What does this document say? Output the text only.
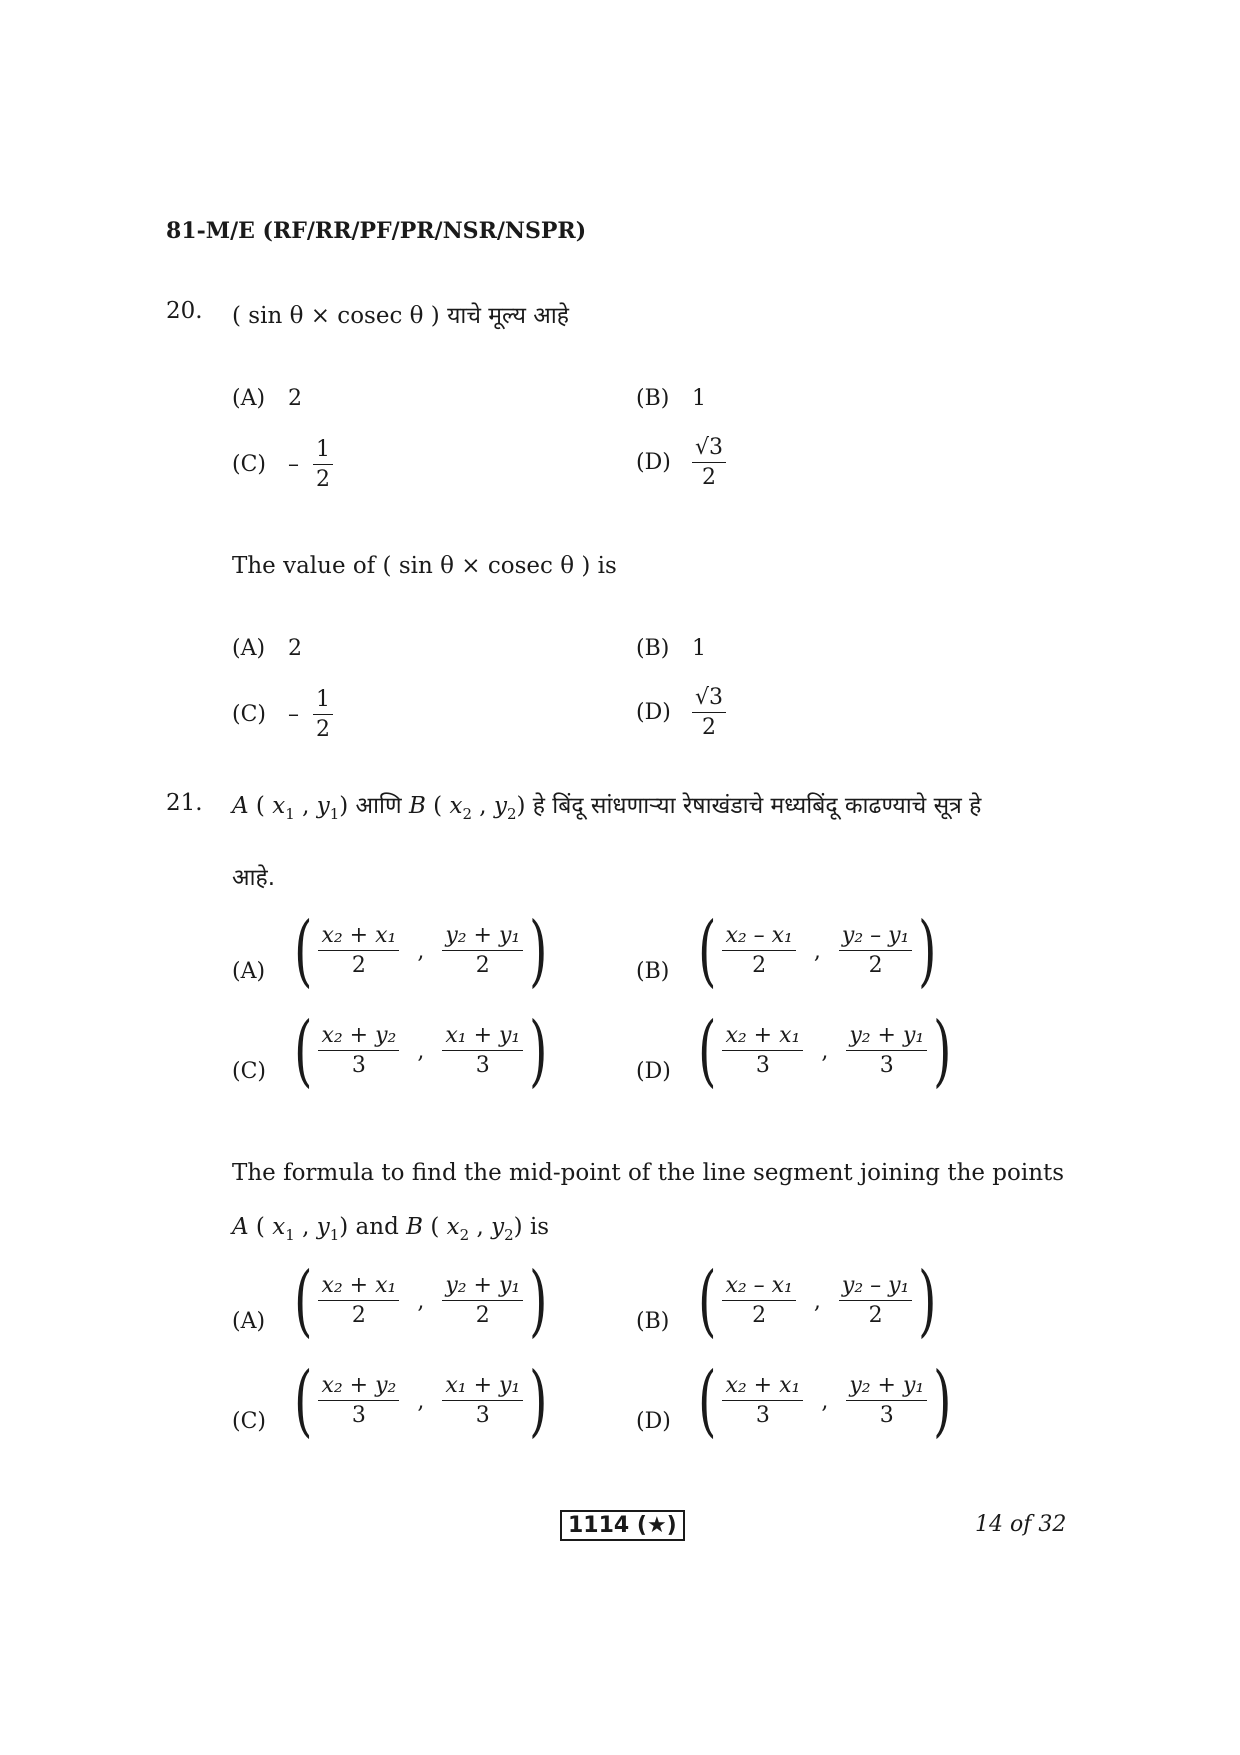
81-M/E (RF/RR/PF/PR/NSR/NSPR)
20. ( sin θ × cosec θ ) याचे मूल्य आहे
(A) 2	(B) 1
$(C) - \frac{1}{2}$	$(D) \frac{√3}{2}$
The value of ( sin θ × cosec θ ) is
(A) 2	(B) 1
$(C) - \frac{1}{2}$	$(D) \frac{√3}{2}$
21. A ( $x_1$ , $y_1$) आणि B ( $x_2$ , $y_2$) हे बिंदू सांधणाऱ्या रेषाखंडाचे मध्यबिंदू काढण्याचे सूत्र हे
आहे.
(A) ( $\frac{\text{x₂ + x₁}}{2}$ , $\frac{\text{y₂ + y₁}}{2}$ )	(B) ( $\frac{\text{x₂ – x₁}}{2}$ , $\frac{\text{y₂ – y₁}}{2}$ )
(C) ( $\frac{\text{x₂ + y₂}}{3}$ , $\frac{\text{x₁ + y₁}}{3}$ )	(D) ( $\frac{\text{x₂ + x₁}}{3}$ , $\frac{\text{y₂ + y₁}}{3}$ )
The formula to find the mid-point of the line segment joining the points
A ( $x_1$ , $y_1$) and B ( $x_2$ , $y_2$) is
(A) ( $\frac{\text{x₂ + x₁}}{2}$ , $\frac{\text{y₂ + y₁}}{2}$ )	(B) ( $\frac{\text{x₂ – x₁}}{2}$ , $\frac{\text{y₂ – y₁}}{2}$ )
(C) ( $\frac{\text{x₂ + y₂}}{3}$ , $\frac{\text{x₁ + y₁}}{3}$ )	(D) ( $\frac{\text{x₂ + x₁}}{3}$ , $\frac{\text{y₂ + y₁}}{3}$ )
1114 (★)	14 of 32
